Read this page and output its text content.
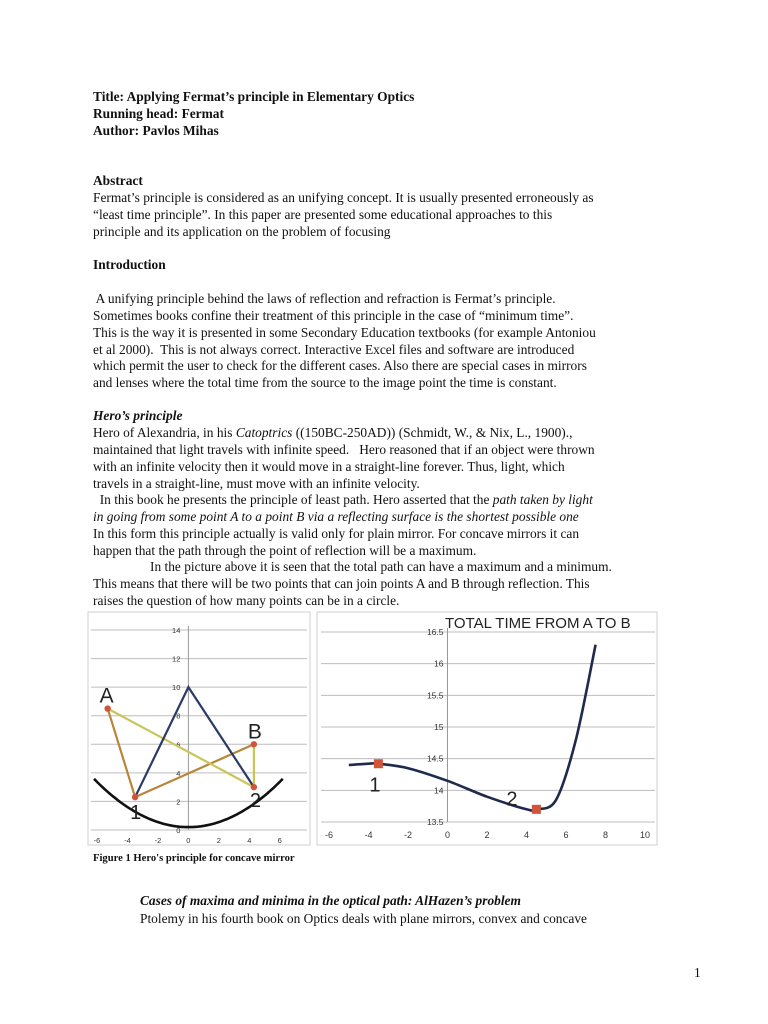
Title: Applying Fermat’s principle in Elementary Optics

Running head: Fermat

Author: Pavlos Mihas

Abstract

Fermat’s principle is considered as an unifying concept. It is usually presented erroneously as

“least time principle”. In this paper are presented some educational approaches to this

principle and its application on the problem of focusing

Introduction

A unifying principle behind the laws of reflection and refraction is Fermat’s principle.

Sometimes books confine their treatment of this principle in the case of “minimum time”.

This is the way it is presented in some Secondary Education textbooks (for example Antoniou

et al 2000).  This is not always correct. Interactive Excel files and software are introduced

which permit the user to check for the different cases. Also there are special cases in mirrors

and lenses where the total time from the source to the image point the time is constant.

Hero’s principle

Hero of Alexandria, in his Catoptrics ((150BC-250AD)) (Schmidt, W., & Nix, L., 1900).,

maintained that light travels with infinite speed.   Hero reasoned that if an object were thrown

with an infinite velocity then it would move in a straight-line forever. Thus, light, which

travels in a straight-line, must move with an infinite velocity.

In this book he presents the principle of least path. Hero asserted that the path taken by light

in going from some point A to a point B via a reflecting surface is the shortest possible one

In this form this principle actually is valid only for plain mirror. For concave mirrors it can

happen that the path through the point of reflection will be a maximum.

In the picture above it is seen that the total path can have a maximum and a minimum.

This means that there will be two points that can join points A and B through reflection. This

raises the question of how many points can be in a circle.

14
12
10
8
6
4
2
0
-6	-4	-2	0	2	4	6
A
B
1
2
TOTAL TIME FROM A TO B
16.5
16
15.5
15
14.5
14
13.5
-6	-4	-2	0	2	4	6	8	10
1
2
Figure 1 Hero's principle for concave mirror
Cases of maxima and minima in the optical path: AlHazen’s problem
Ptolemy in his fourth book on Optics deals with plane mirrors, convex and concave
1
